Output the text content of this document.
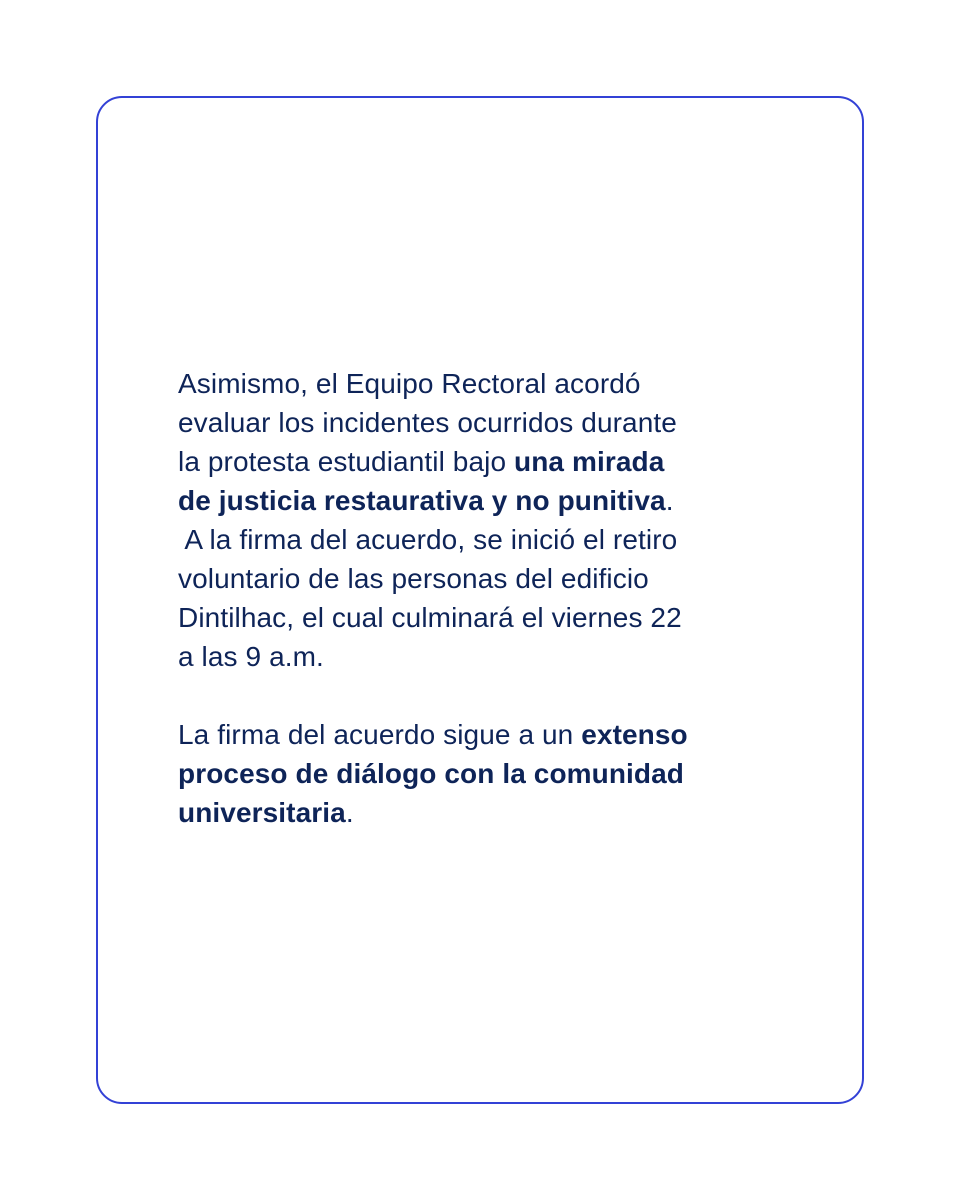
Asimismo, el Equipo Rectoral acordó
evaluar los incidentes ocurridos durante
la protesta estudiantil bajo una mirada
de justicia restaurativa y no punitiva.
A la firma del acuerdo, se inició el retiro
voluntario de las personas del edificio
Dintilhac, el cual culminará el viernes 22
a las 9 a.m.
La firma del acuerdo sigue a un extenso
proceso de diálogo con la comunidad
universitaria.
